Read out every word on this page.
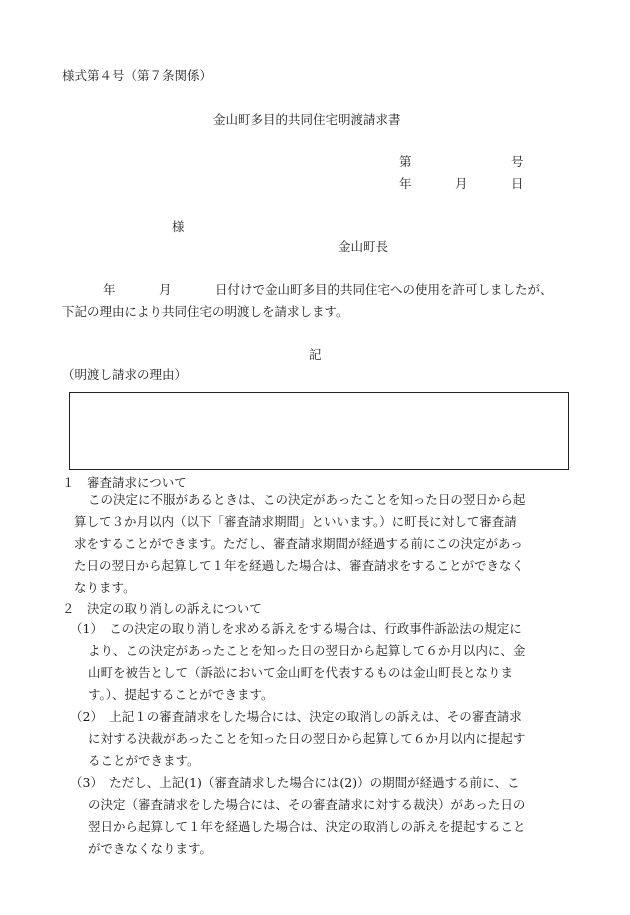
様式第４号（第７条関係）
金山町多目的共同住宅明渡請求書
第	号
年	月	日
様
金山町長
年	月	日付けで金山町多目的共同住宅への使用を許可しましたが、
下記の理由により共同住宅の明渡しを請求します。
記
（明渡し請求の理由）
１　審査請求について
この決定に不服があるときは、この決定があったことを知った日の翌日から起
算して３か月以内（以下「審査請求期間」といいます。）に町長に対して審査請
求をすることができます。ただし、審査請求期間が経過する前にこの決定があっ
た日の翌日から起算して１年を経過した場合は、審査請求をすることができなく
なります。
２　決定の取り消しの訴えについて
（1）　この決定の取り消しを求める訴えをする場合は、行政事件訴訟法の規定に
より、この決定があったことを知った日の翌日から起算して６か月以内に、金
山町を被告として（訴訟において金山町を代表するものは金山町長となりま
す。）、提起することができます。
（2）　上記１の審査請求をした場合には、決定の取消しの訴えは、その審査請求
に対する決裁があったことを知った日の翌日から起算して６か月以内に提起す
ることができます。
（3）　ただし、上記(1)（審査請求した場合には(2)）の期間が経過する前に、こ
の決定（審査請求をした場合には、その審査請求に対する裁決）があった日の
翌日から起算して１年を経過した場合は、決定の取消しの訴えを提起すること
ができなくなります。
